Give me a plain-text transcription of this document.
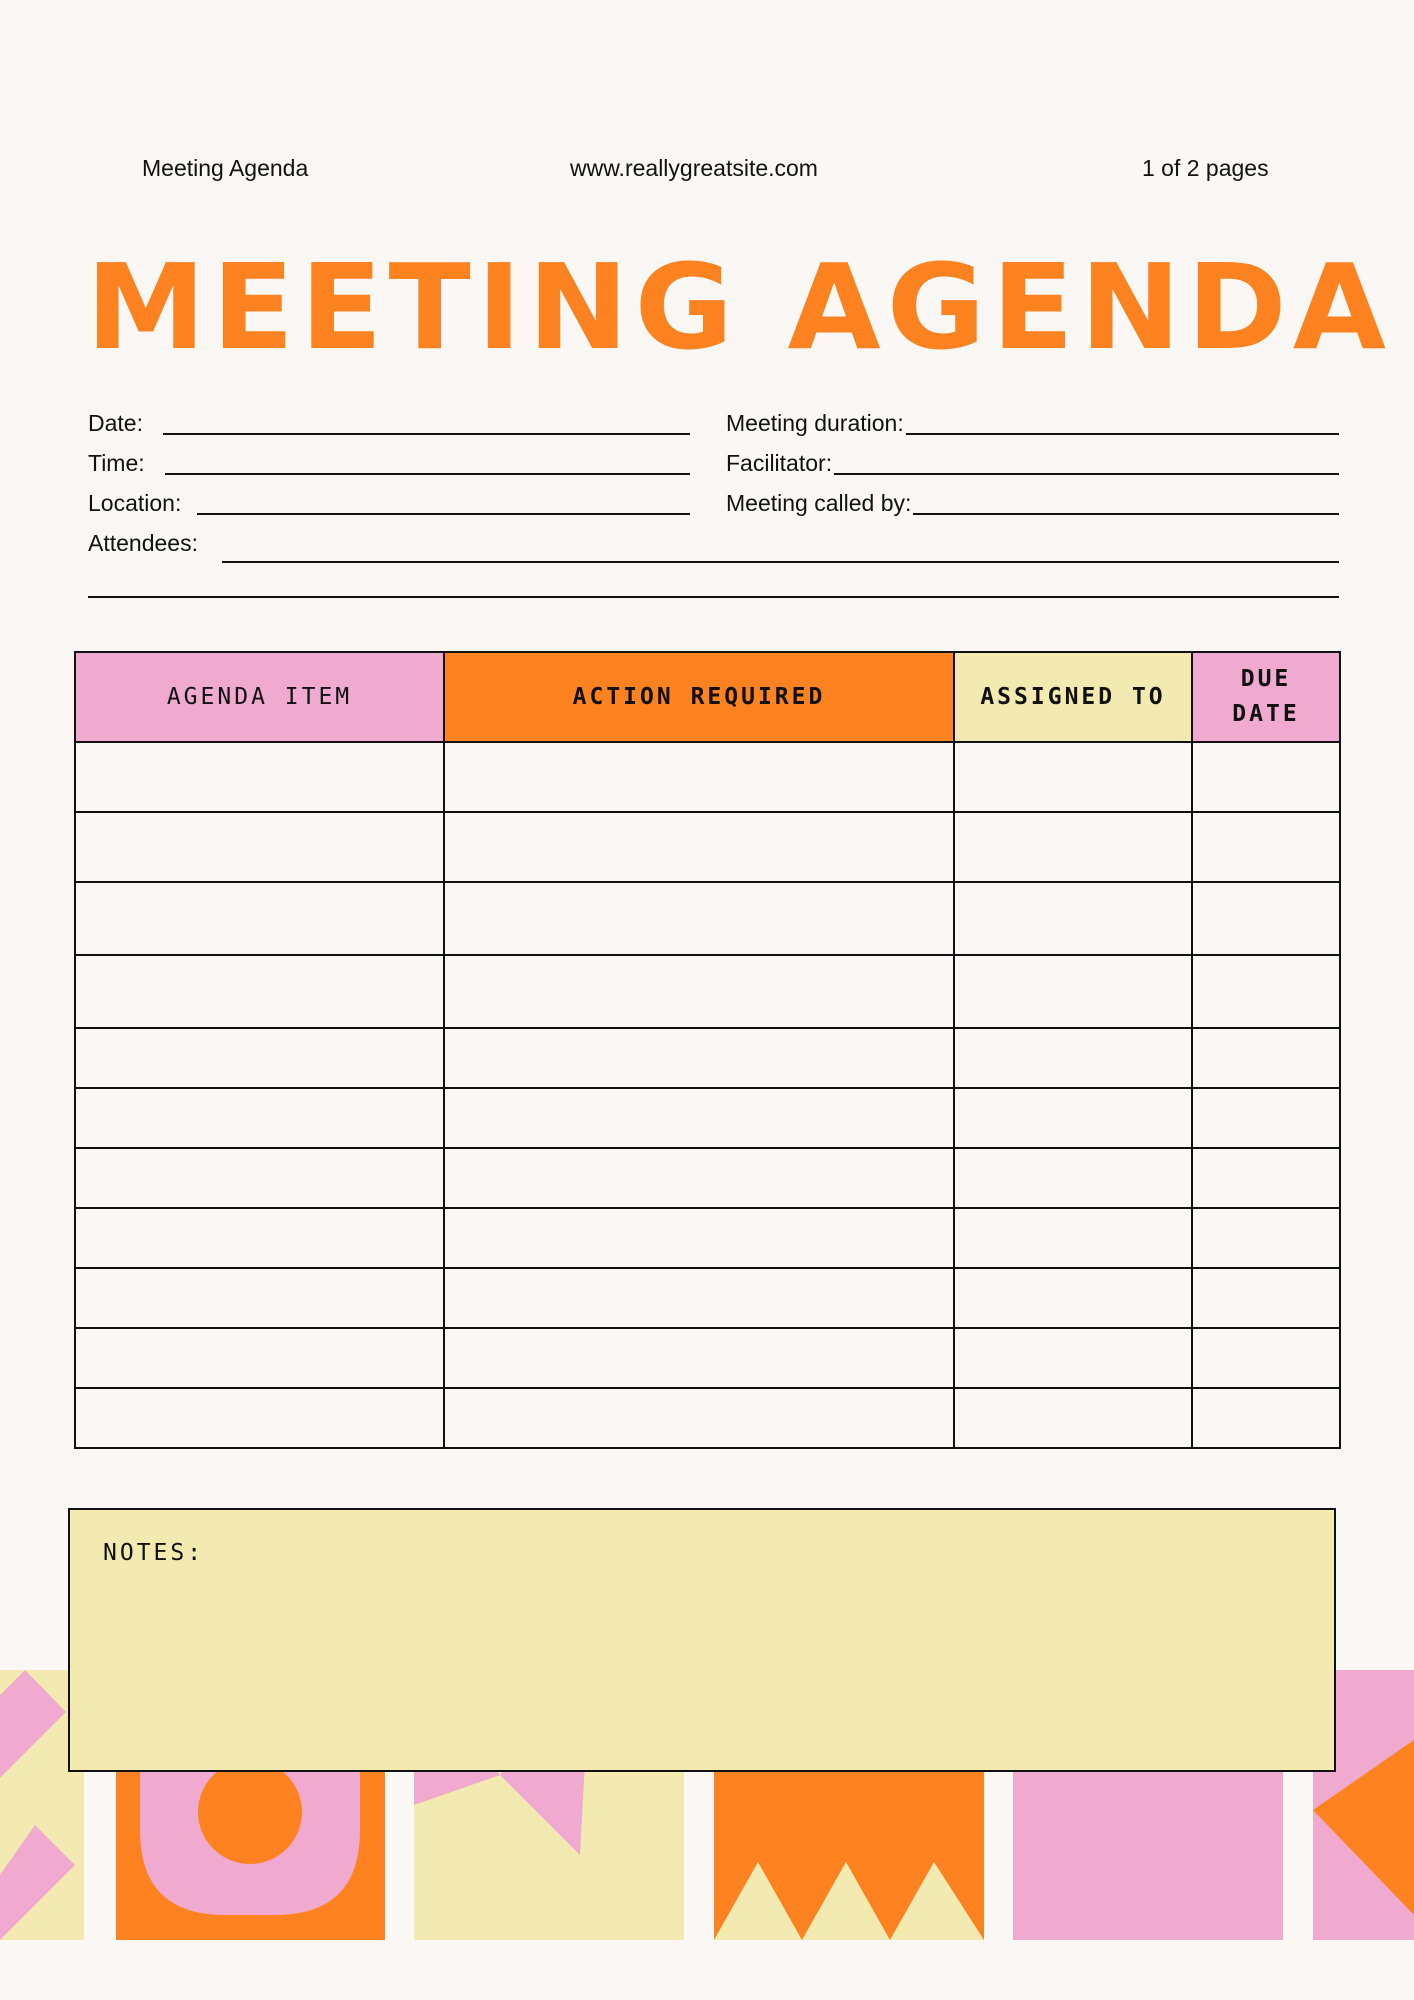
Meeting Agenda	www.reallygreatsite.com	1 of 2 pages
MEETING AGENDA
Date:
Time:
Location:
Attendees:
Meeting duration:
Facilitator:
Meeting called by:
AGENDA ITEM	ACTION REQUIRED	ASSIGNED TO	DUE DATE

NOTES:
